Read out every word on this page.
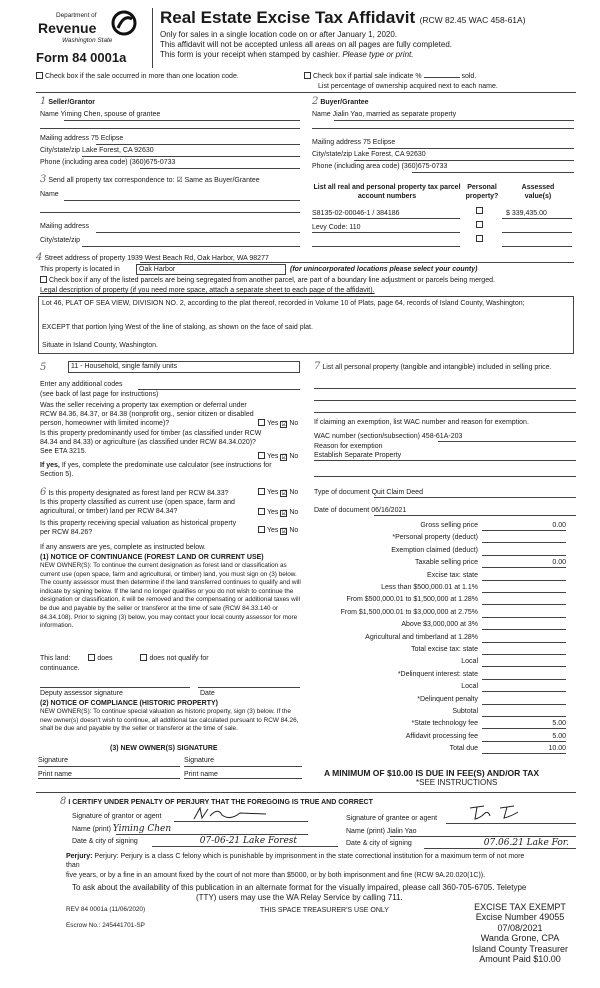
Department of
Revenue
Washington State
Form 84 0001a
Real Estate Excise Tax Affidavit (RCW 82.45 WAC 458-61A)
Only for sales in a single location code on or after January 1, 2020.
This affidavit will not be accepted unless all areas on all pages are fully completed.
This form is your receipt when stamped by cashier. Please type or print.
Check box if the sale occurred in more than one location code.	Check box if partial sale indicate %	sold.
List percentage of ownership acquired next to each name.
1 Seller/Grantor	2 Buyer/Grantee
Name Yiming Chen, spouse of grantee	Name Jialin Yao, married as separate property
Mailing address 75 Eclipse
City/state/zip Lake Forest, CA 92630
Phone (including area code) (360)675-0733
Mailing address 75 Eclipse
City/state/zip Lake Forest, CA 92630
Phone (including area code) (360)675-0733
3 Send all property tax correspondence to: ☑ Same as Buyer/Grantee
Name
Mailing address
City/state/zip
List all real and personal property tax parcel account numbers
Personal property?
Assessed value(s)
S8135-02-00046-1 / 384186	$ 339,435.00
Levy Code: 110
4 Street address of property 1939 West Beach Rd, Oak Harbor, WA 98277
This property is located in	Oak Harbor	(for unincorporated locations please select your county)
Check box if any of the listed parcels are being segregated from another parcel, are part of a boundary line adjustment or parcels being merged.
Legal description of property (if you need more space, attach a separate sheet to each page of the affidavit).
Lot 46, PLAT OF SEA VIEW, DIVISION NO. 2, according to the plat thereof, recorded in Volume 10 of Plats, page 64, records of Island County, Washington;
EXCEPT that portion lying West of the line of staking, as shown on the face of said plat.
Situate in Island County, Washington.
5	11 - Household, single family units
Enter any additional codes
(see back of last page for instructions)
Was the seller receiving a property tax exemption or deferral under RCW 84.36, 84.37, or 84.38 (nonprofit org., senior citizen or disabled person, homeowner with limited income)?	Yes ☑ No
Is this property predominantly used for timber (as classified under RCW 84.34 and 84.33) or agriculture (as classified under RCW 84.34.020)? See ETA 3215.
Yes ☑ No
If yes, If yes, complete the predominate use calculator (see instructions for Section 5).
7 List all personal property (tangible and intangible) included in selling price.
If claiming an exemption, list WAC number and reason for exemption.
WAC number (section/subsection) 458-61A-203
Reason for exemption
Establish Separate Property
6 Is this property designated as forest land per RCW 84.33?	Yes ☑ No
Is this property classified as current use (open space, farm and agricultural, or timber) land per RCW 84.34?	Yes ☑ No
Is this property receiving special valuation as historical property per RCW 84.26?	Yes ☑ No
If any answers are yes, complete as instructed below.
(1) NOTICE OF CONTINUANCE (FOREST LAND OR CURRENT USE)
NEW OWNER(S): To continue the current designation as forest land or classification as current use (open space, farm and agricultural, or timber) land, you must sign on (3) below. The county assessor must then determine if the land transferred continues to qualify and will indicate by signing below. If the land no longer qualifies or you do not wish to continue the designation or classification, it will be removed and the compensating or additional taxes will be due and payable by the seller or transferor at the time of sale (RCW 84.33.140 or 84.34.108). Prior to signing (3) below, you may contact your local county assessor for more information.
This land:	does	does not qualify for
continuance.
Deputy assessor signature	Date
(2) NOTICE OF COMPLIANCE (HISTORIC PROPERTY)
NEW OWNER(S): To continue special valuation as historic property, sign (3) below. If the new owner(s) doesn't wish to continue, all additional tax calculated pursuant to RCW 84.26, shall be due and payable by the seller or transferor at the time of sale.
(3) NEW OWNER(S) SIGNATURE
Signature	Signature
Print name	Print name
Type of document Quit Claim Deed
Date of document 06/16/2021
Gross selling price	0.00
*Personal property (deduct)
Exemption claimed (deduct)
Taxable selling price	0.00
Excise tax: state
Less than $500,000.01 at 1.1%
From $500,000.01 to $1,500,000 at 1.28%
From $1,500,000.01 to $3,000,000 at 2.75%
Above $3,000,000 at 3%
Agricultural and timberland at 1.28%
Total excise tax: state
Local
*Delinquent interest: state
Local
*Delinquent penalty
Subtotal
*State technology fee	5.00
Affidavit processing fee	5.00
Total due	10.00
A MINIMUM OF $10.00 IS DUE IN FEE(S) AND/OR TAX
*SEE INSTRUCTIONS
8 I CERTIFY UNDER PENALTY OF PERJURY THAT THE FOREGOING IS TRUE AND CORRECT
Signature of grantor or agent
Name (print) Yiming Chen
Date & city of signing	07-06-21 Lake Forest
Signature of grantee or agent
Name (print) Jialin Yao
Date & city of signing	07.06.21 Lake For.
Perjury: Perjury: Perjury is a class C felony which is punishable by imprisonment in the state correctional institution for a maximum term of not more than
five years, or by a fine in an amount fixed by the court of not more than $5000, or by both imprisonment and fine (RCW 9A.20.020(1C)).
To ask about the availability of this publication in an alternate format for the visually impaired, please call 360-705-6705. Teletype
(TTY) users may use the WA Relay Service by calling 711.
REV 84 0001a (11/06/2020)	THIS SPACE TREASURER'S USE ONLY
Escrow No.: 245441701-SP
EXCISE TAX EXEMPT
Excise Number 49055
07/08/2021
Wanda Grone, CPA
Island County Treasurer
Amount Paid $10.00
